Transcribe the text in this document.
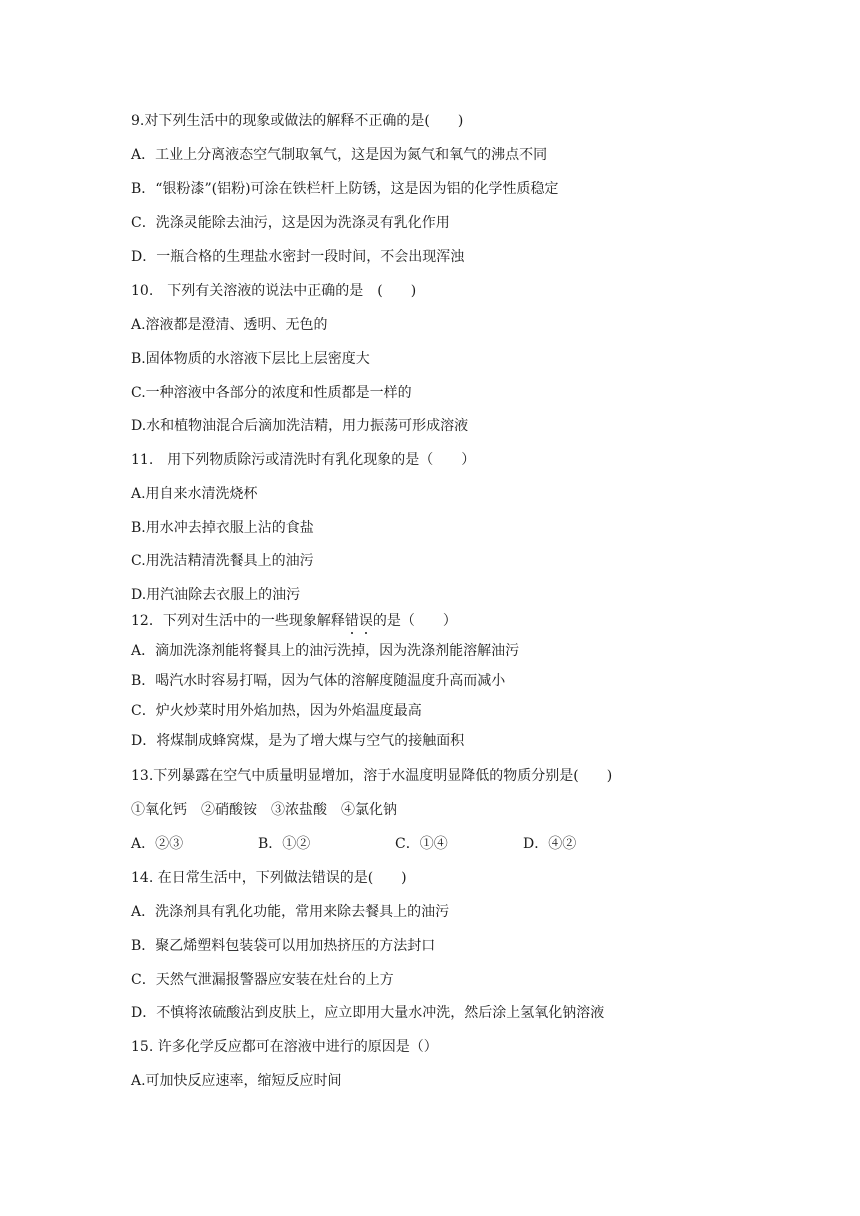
9.对下列生活中的现象或做法的解释不正确的是(　　)
A．工业上分离液态空气制取氧气，这是因为氮气和氧气的沸点不同
B．“银粉漆”(铝粉)可涂在铁栏杆上防锈，这是因为铝的化学性质稳定
C．洗涤灵能除去油污，这是因为洗涤灵有乳化作用
D．一瓶合格的生理盐水密封一段时间，不会出现浑浊
10.　下列有关溶液的说法中正确的是　(　　)
A.溶液都是澄清、透明、无色的
B.固体物质的水溶液下层比上层密度大
C.一种溶液中各部分的浓度和性质都是一样的
D.水和植物油混合后滴加洗洁精，用力振荡可形成溶液
11.　用下列物质除污或清洗时有乳化现象的是（　　）
A.用自来水清洗烧杯
B.用水冲去掉衣服上沾的食盐
C.用洗洁精清洗餐具上的油污
D.用汽油除去衣服上的油污
12．下列对生活中的一些现象解释错误的是（　　）
A．滴加洗涤剂能将餐具上的油污洗掉，因为洗涤剂能溶解油污
B．喝汽水时容易打嗝，因为气体的溶解度随温度升高而减小
C．炉火炒菜时用外焰加热，因为外焰温度最高
D．将煤制成蜂窝煤，是为了增大煤与空气的接触面积
13.下列暴露在空气中质量明显增加，溶于水温度明显降低的物质分别是(　　)
①氧化钙　②硝酸铵　③浓盐酸　④氯化钠
A．②③	B．①②	C．①④	D．④②
14. 在日常生活中，下列做法错误的是(　　)
A．洗涤剂具有乳化功能，常用来除去餐具上的油污
B．聚乙烯塑料包装袋可以用加热挤压的方法封口
C．天然气泄漏报警器应安装在灶台的上方
D．不慎将浓硫酸沾到皮肤上，应立即用大量水冲洗，然后涂上氢氧化钠溶液
15. 许多化学反应都可在溶液中进行的原因是（）
A.可加快反应速率，缩短反应时间
